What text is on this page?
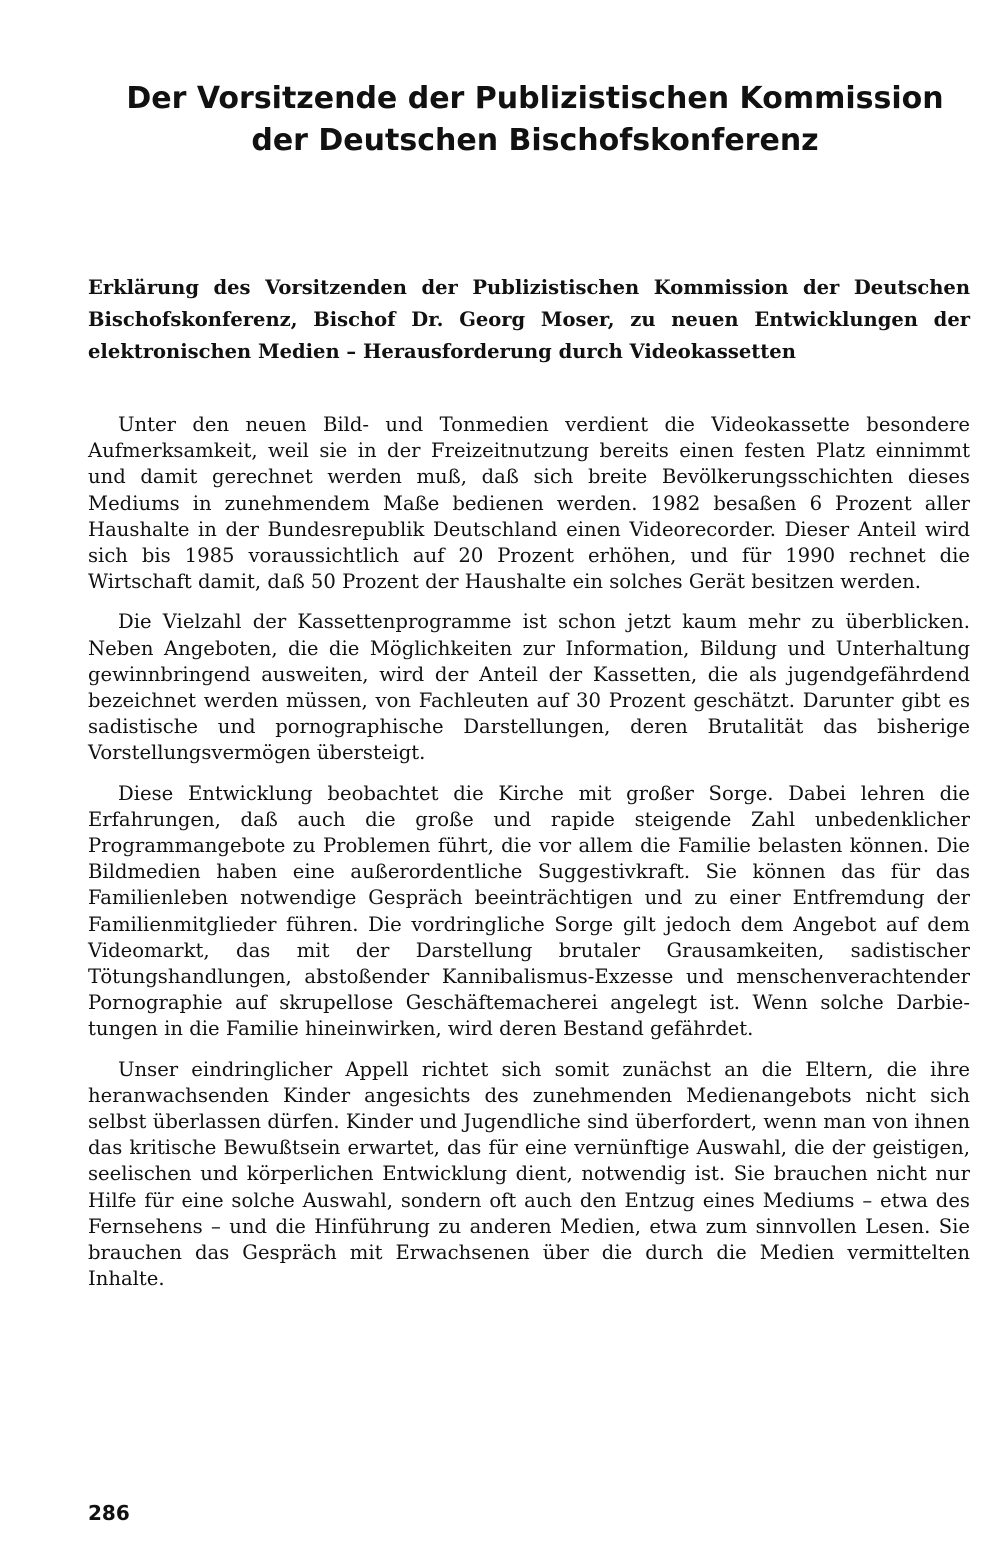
Der Vorsitzende der Publizistischen Kommission
der Deutschen Bischofskonferenz

Erklärung des Vorsitzenden der Publizistischen Kommission der Deutschen Bischofskonferenz, Bischof Dr. Georg Moser, zu neuen Entwicklungen der elektronischen Medien – Herausforderung durch Videokassetten

Unter den neuen Bild- und Tonmedien verdient die Videokassette besondere Aufmerksamkeit, weil sie in der Freizeitnutzung bereits einen festen Platz einnimmt und damit gerechnet werden muß, daß sich breite Bevölkerungsschichten dieses Mediums in zunehmendem Maße bedienen werden. 1982 besaßen 6 Prozent aller Haushalte in der Bundesrepublik Deutschland einen Videorecorder. Dieser Anteil wird sich bis 1985 voraussichtlich auf 20 Prozent erhöhen, und für 1990 rechnet die Wirtschaft damit, daß 50 Prozent der Haushalte ein solches Gerät besitzen werden.

Die Vielzahl der Kassettenprogramme ist schon jetzt kaum mehr zu überblicken. Neben Angeboten, die die Möglichkeiten zur Information, Bildung und Unterhaltung gewinnbringend ausweiten, wird der Anteil der Kassetten, die als jugendgefährdend bezeichnet werden müssen, von Fachleuten auf 30 Prozent geschätzt. Darunter gibt es sadistische und pornographische Darstellungen, deren Brutalität das bisherige Vorstellungsvermögen übersteigt.

Diese Entwicklung beobachtet die Kirche mit großer Sorge. Dabei lehren die Erfahrungen, daß auch die große und rapide steigende Zahl unbedenklicher Programmangebote zu Problemen führt, die vor allem die Familie belasten können. Die Bildmedien haben eine außerordentliche Suggestivkraft. Sie können das für das Familienleben notwendige Gespräch beeinträchtigen und zu einer Entfremdung der Familienmitglieder führen. Die vordringliche Sorge gilt jedoch dem Angebot auf dem Videomarkt, das mit der Darstellung brutaler Grausamkeiten, sadistischer Tötungshandlungen, abstoßender Kannibalismus-Exzesse und menschenverachtender Pornographie auf skrupellose Geschäftemacherei angelegt ist. Wenn solche Darbietungen in die Familie hineinwirken, wird deren Bestand gefährdet.

Unser eindringlicher Appell richtet sich somit zunächst an die Eltern, die ihre heranwachsenden Kinder angesichts des zunehmenden Medienangebots nicht sich selbst überlassen dürfen. Kinder und Jugendliche sind überfordert, wenn man von ihnen das kritische Bewußtsein erwartet, das für eine vernünftige Auswahl, die der geistigen, seelischen und körperlichen Entwicklung dient, notwendig ist. Sie brauchen nicht nur Hilfe für eine solche Auswahl, sondern oft auch den Entzug eines Mediums – etwa des Fernsehens – und die Hinführung zu anderen Medien, etwa zum sinnvollen Lesen. Sie brauchen das Gespräch mit Erwachsenen über die durch die Medien vermittelten Inhalte.

286
